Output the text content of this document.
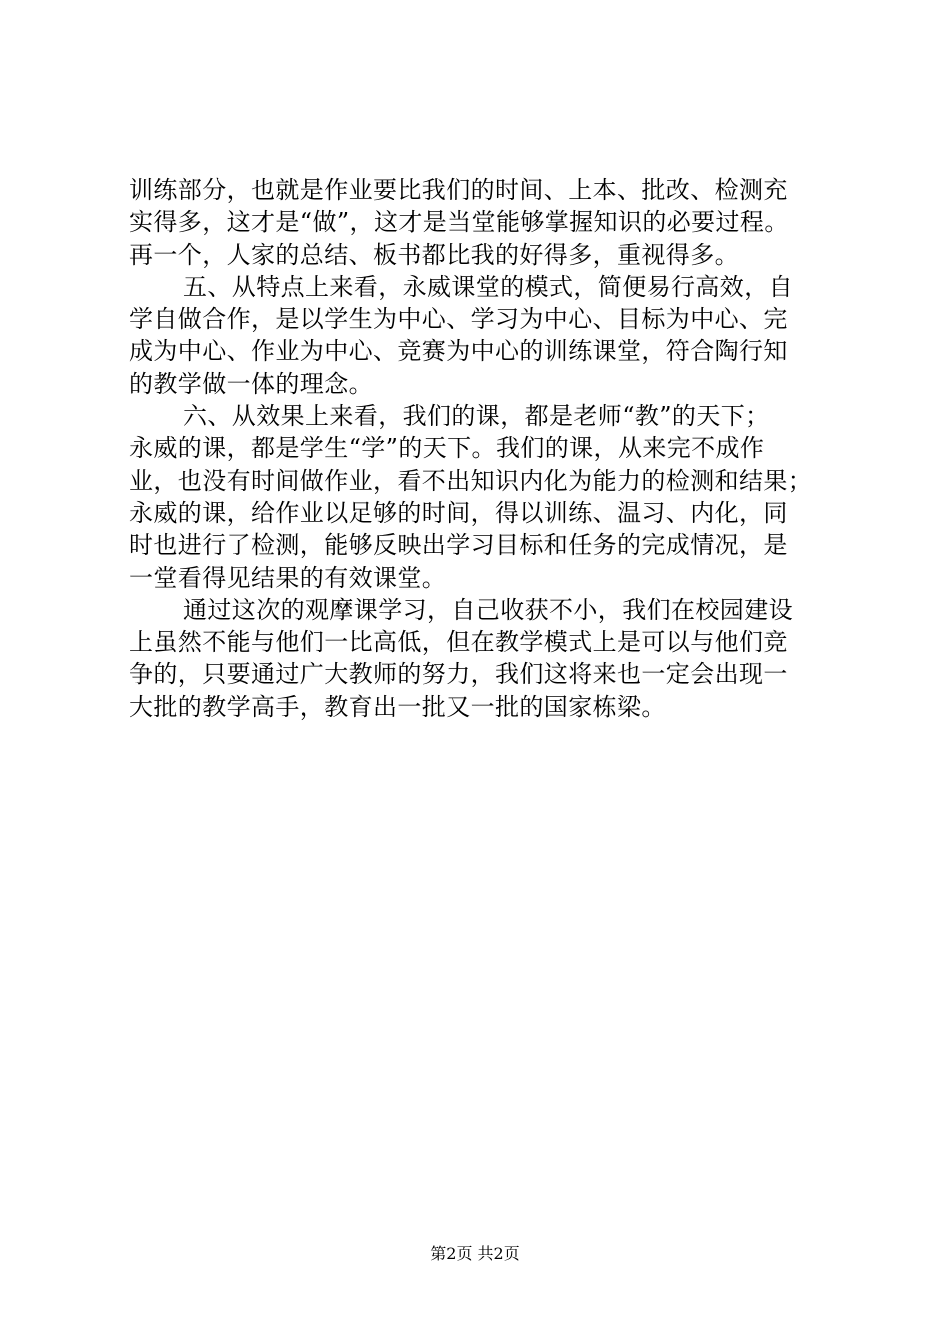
训练部分，也就是作业要比我们的时间、上本、批改、检测充
实得多，这才是“做”，这才是当堂能够掌握知识的必要过程。
再一个，人家的总结、板书都比我的好得多，重视得多。
五、从特点上来看，永威课堂的模式，简便易行高效，自
学自做合作，是以学生为中心、学习为中心、目标为中心、完
成为中心、作业为中心、竞赛为中心的训练课堂，符合陶行知
的教学做一体的理念。
六、从效果上来看，我们的课，都是老师“教”的天下；
永威的课，都是学生“学”的天下。我们的课，从来完不成作
业，也没有时间做作业，看不出知识内化为能力的检测和结果；
永威的课，给作业以足够的时间，得以训练、温习、内化，同
时也进行了检测，能够反映出学习目标和任务的完成情况，是
一堂看得见结果的有效课堂。
通过这次的观摩课学习，自己收获不小，我们在校园建设
上虽然不能与他们一比高低，但在教学模式上是可以与他们竞
争的，只要通过广大教师的努力，我们这将来也一定会出现一
大批的教学高手，教育出一批又一批的国家栋梁。
第2页 共2页
